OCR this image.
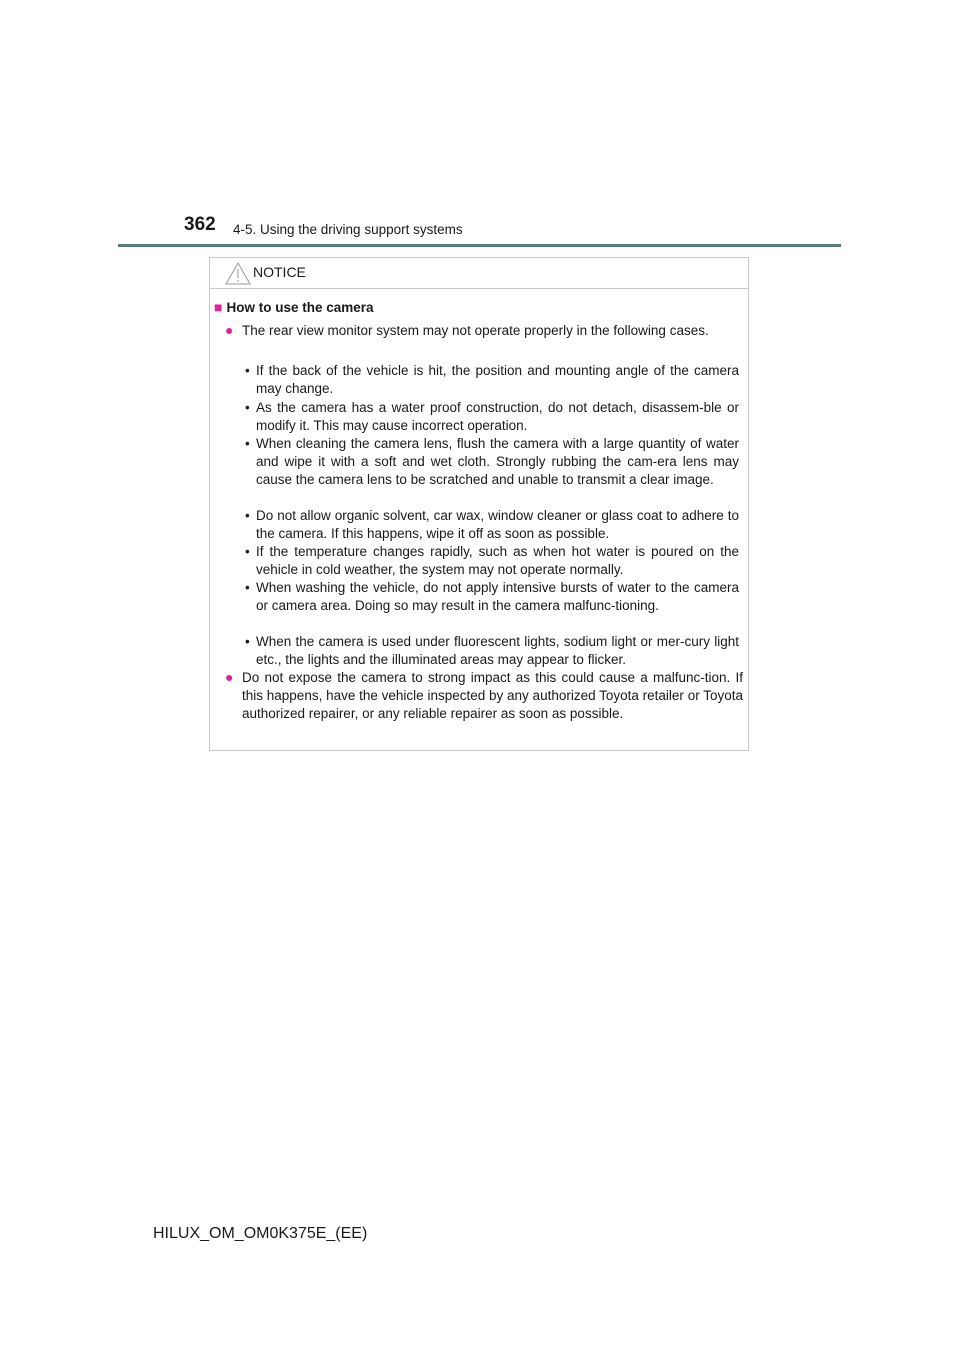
362 4-5. Using the driving support systems
NOTICE
■ How to use the camera
● The rear view monitor system may not operate properly in the following cases.
• If the back of the vehicle is hit, the position and mounting angle of the camera may change.
• As the camera has a water proof construction, do not detach, disassem-ble or modify it. This may cause incorrect operation.
• When cleaning the camera lens, flush the camera with a large quantity of water and wipe it with a soft and wet cloth. Strongly rubbing the cam-era lens may cause the camera lens to be scratched and unable to transmit a clear image.
• Do not allow organic solvent, car wax, window cleaner or glass coat to adhere to the camera. If this happens, wipe it off as soon as possible.
• If the temperature changes rapidly, such as when hot water is poured on the vehicle in cold weather, the system may not operate normally.
• When washing the vehicle, do not apply intensive bursts of water to the camera or camera area. Doing so may result in the camera malfunc-tioning.
• When the camera is used under fluorescent lights, sodium light or mer-cury light etc., the lights and the illuminated areas may appear to flicker.
● Do not expose the camera to strong impact as this could cause a malfunc-tion. If this happens, have the vehicle inspected by any authorized Toyota retailer or Toyota authorized repairer, or any reliable repairer as soon as possible.
HILUX_OM_OM0K375E_(EE)
